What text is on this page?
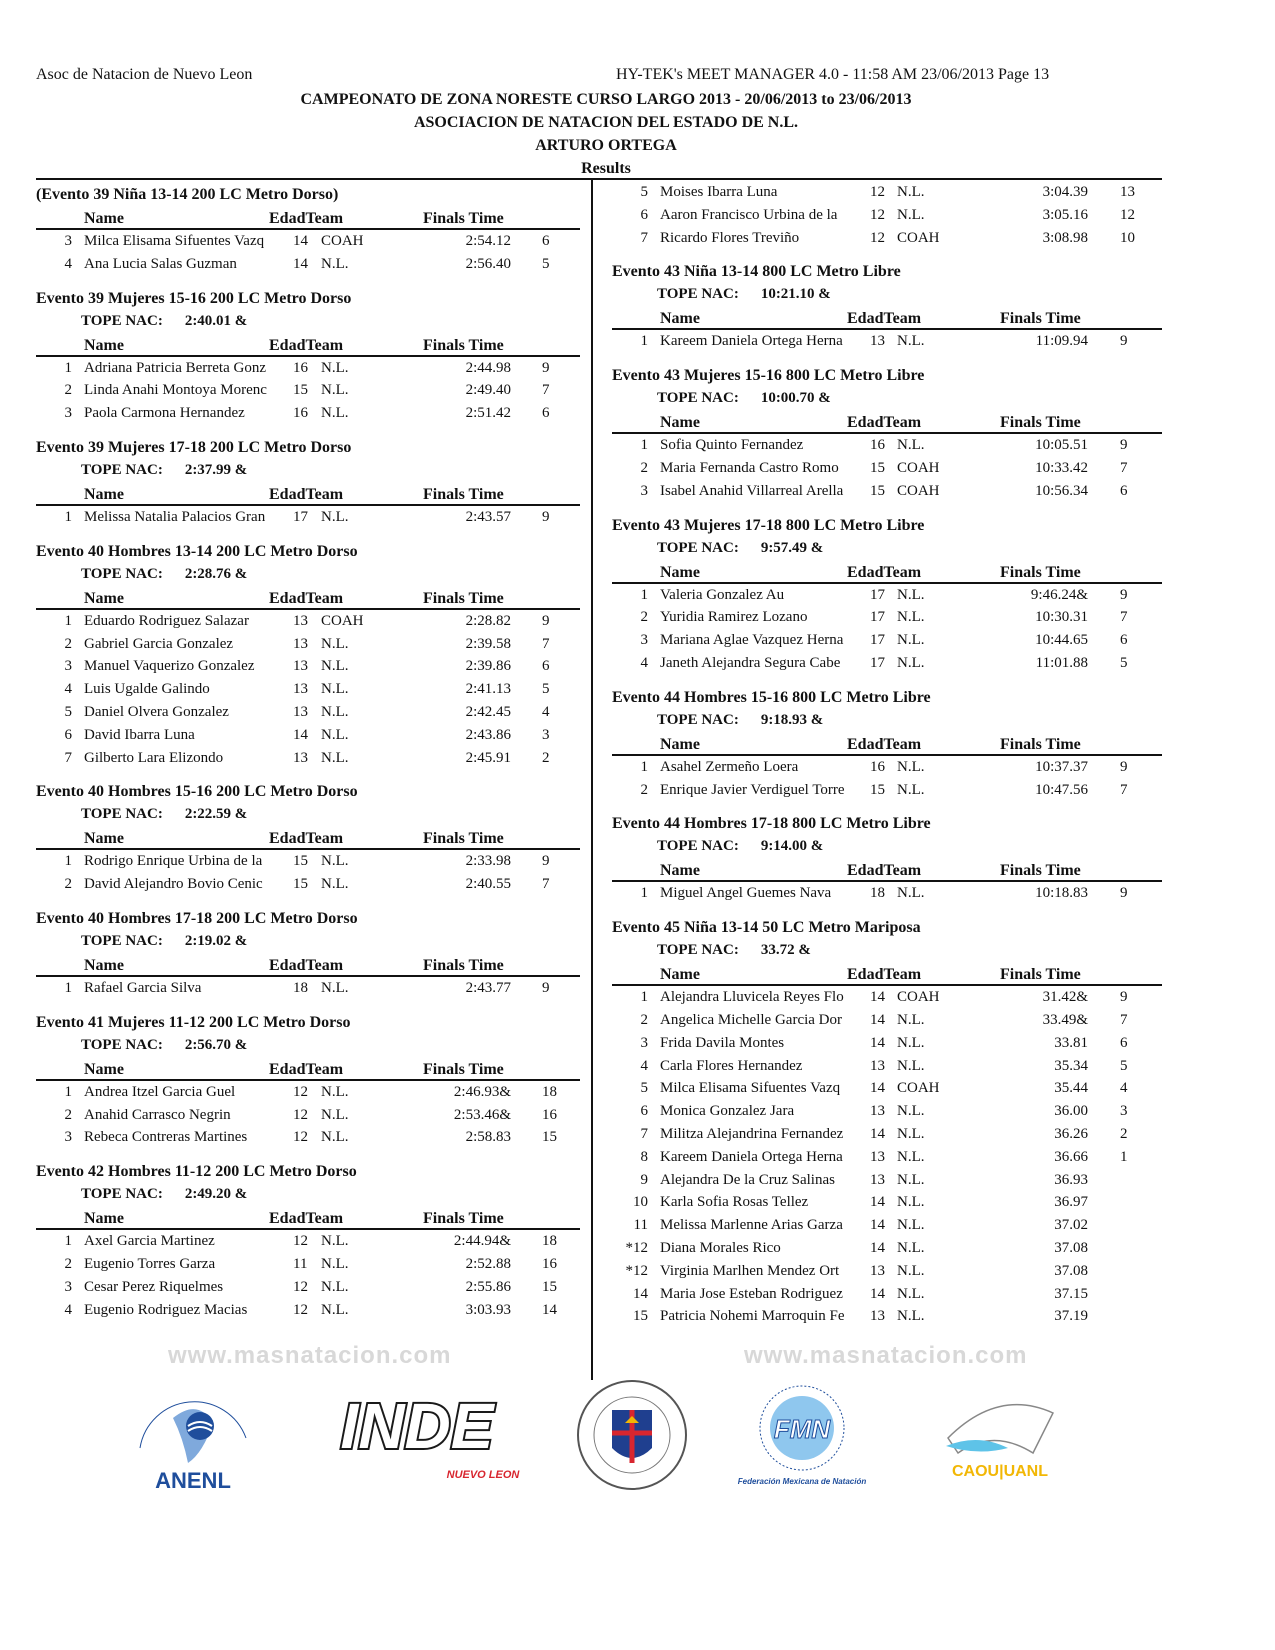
Asoc de Natacion de Nuevo Leon	HY-TEK's MEET MANAGER 4.0 - 11:58 AM 23/06/2013 Page 13
CAMPEONATO DE ZONA NORESTE CURSO LARGO 2013 - 20/06/2013 to 23/06/2013
ASOCIACION DE NATACION DEL ESTADO DE N.L.
ARTURO ORTEGA
Results
(Evento 39 Niña 13-14 200 LC Metro Dorso)
Name	EdadTeam	Finals Time
3 Milca Elisama Sifuentes Vazq	14 COAH	2:54.12 6
4 Ana Lucia Salas Guzman	14 N.L.	2:56.40 5
Evento 39 Mujeres 15-16 200 LC Metro Dorso
TOPE NAC: 2:40.01 &
Name	EdadTeam	Finals Time
1 Adriana Patricia Berreta Gonz	16 N.L.	2:44.98 9
2 Linda Anahi Montoya Morenc	15 N.L.	2:49.40 7
3 Paola Carmona Hernandez	16 N.L.	2:51.42 6
Evento 39 Mujeres 17-18 200 LC Metro Dorso
TOPE NAC: 2:37.99 &
Name	EdadTeam	Finals Time
1 Melissa Natalia Palacios Gran	17 N.L.	2:43.57 9
Evento 40 Hombres 13-14 200 LC Metro Dorso
TOPE NAC: 2:28.76 &
Name	EdadTeam	Finals Time
1 Eduardo Rodriguez Salazar	13 COAH	2:28.82 9
2 Gabriel Garcia Gonzalez	13 N.L.	2:39.58 7
3 Manuel Vaquerizo Gonzalez	13 N.L.	2:39.86 6
4 Luis Ugalde Galindo	13 N.L.	2:41.13 5
5 Daniel Olvera Gonzalez	13 N.L.	2:42.45 4
6 David Ibarra Luna	14 N.L.	2:43.86 3
7 Gilberto Lara Elizondo	13 N.L.	2:45.91 2
Evento 40 Hombres 15-16 200 LC Metro Dorso
TOPE NAC: 2:22.59 &
Name	EdadTeam	Finals Time
1 Rodrigo Enrique Urbina de la	15 N.L.	2:33.98 9
2 David Alejandro Bovio Cenic	15 N.L.	2:40.55 7
Evento 40 Hombres 17-18 200 LC Metro Dorso
TOPE NAC: 2:19.02 &
Name	EdadTeam	Finals Time
1 Rafael Garcia Silva	18 N.L.	2:43.77 9
Evento 41 Mujeres 11-12 200 LC Metro Dorso
TOPE NAC: 2:56.70 &
Name	EdadTeam	Finals Time
1 Andrea Itzel Garcia Guel	12 N.L.	2:46.93& 18
2 Anahid Carrasco Negrin	12 N.L.	2:53.46& 16
3 Rebeca Contreras Martines	12 N.L.	2:58.83 15
Evento 42 Hombres 11-12 200 LC Metro Dorso
TOPE NAC: 2:49.20 &
Name	EdadTeam	Finals Time
1 Axel Garcia Martinez	12 N.L.	2:44.94& 18
2 Eugenio Torres Garza	11 N.L.	2:52.88 16
3 Cesar Perez Riquelmes	12 N.L.	2:55.86 15
4 Eugenio Rodriguez Macias	12 N.L.	3:03.93 14
5 Moises Ibarra Luna	12 N.L.	3:04.39 13
6 Aaron Francisco Urbina de la	12 N.L.	3:05.16 12
7 Ricardo Flores Treviño	12 COAH	3:08.98 10
Evento 43 Niña 13-14 800 LC Metro Libre
TOPE NAC: 10:21.10 &
Name	EdadTeam	Finals Time
1 Kareem Daniela Ortega Herna	13 N.L.	11:09.94 9
Evento 43 Mujeres 15-16 800 LC Metro Libre
TOPE NAC: 10:00.70 &
Name	EdadTeam	Finals Time
1 Sofia Quinto Fernandez	16 N.L.	10:05.51 9
2 Maria Fernanda Castro Romo	15 COAH	10:33.42 7
3 Isabel Anahid Villarreal Arella	15 COAH	10:56.34 6
Evento 43 Mujeres 17-18 800 LC Metro Libre
TOPE NAC: 9:57.49 &
Name	EdadTeam	Finals Time
1 Valeria Gonzalez Au	17 N.L.	9:46.24& 9
2 Yuridia Ramirez Lozano	17 N.L.	10:30.31 7
3 Mariana Aglae Vazquez Herna	17 N.L.	10:44.65 6
4 Janeth Alejandra Segura Cabe	17 N.L.	11:01.88 5
Evento 44 Hombres 15-16 800 LC Metro Libre
TOPE NAC: 9:18.93 &
Name	EdadTeam	Finals Time
1 Asahel Zermeño Loera	16 N.L.	10:37.37 9
2 Enrique Javier Verdiguel Torre	15 N.L.	10:47.56 7
Evento 44 Hombres 17-18 800 LC Metro Libre
TOPE NAC: 9:14.00 &
Name	EdadTeam	Finals Time
1 Miguel Angel Guemes Nava	18 N.L.	10:18.83 9
Evento 45 Niña 13-14 50 LC Metro Mariposa
TOPE NAC: 33.72 &
Name	EdadTeam	Finals Time
1 Alejandra Lluvicela Reyes Flo	14 COAH	31.42& 9
2 Angelica Michelle Garcia Dor	14 N.L.	33.49& 7
3 Frida Davila Montes	14 N.L.	33.81 6
4 Carla Flores Hernandez	13 N.L.	35.34 5
5 Milca Elisama Sifuentes Vazq	14 COAH	35.44 4
6 Monica Gonzalez Jara	13 N.L.	36.00 3
7 Militza Alejandrina Fernandez	14 N.L.	36.26 2
8 Kareem Daniela Ortega Herna	13 N.L.	36.66 1
9 Alejandra De la Cruz Salinas	13 N.L.	36.93
10 Karla Sofia Rosas Tellez	14 N.L.	36.97
11 Melissa Marlenne Arias Garza	14 N.L.	37.02
*12 Diana Morales Rico	14 N.L.	37.08
*12 Virginia Marlhen Mendez Ort	13 N.L.	37.08
14 Maria Jose Esteban Rodriguez	14 N.L.	37.15
15 Patricia Nohemi Marroquin Fe	13 N.L.	37.19
www.masnatacion.com	www.masnatacion.com
ANENL
INDE
NUEVO LEON
FMN
Federación Mexicana de Natación
CAOU|UANL
